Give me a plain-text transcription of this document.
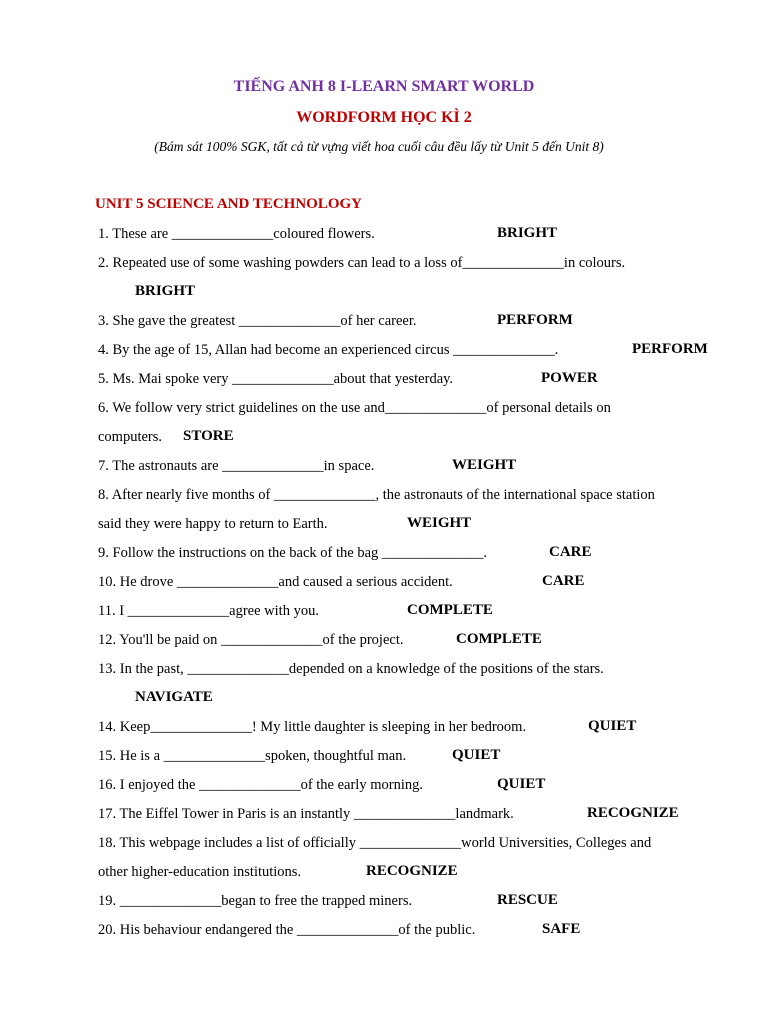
TIẾNG ANH 8 I-LEARN SMART WORLD
WORDFORM HỌC KÌ 2
(Bám sát 100% SGK, tất cả từ vựng viết hoa cuối câu đều lấy từ Unit 5 đến Unit 8)
UNIT 5 SCIENCE AND TECHNOLOGY
1. These are ______________coloured flowers.	BRIGHT
2. Repeated use of some washing powders can lead to a loss of______________in colours.
BRIGHT
3. She gave the greatest ______________of her career.	PERFORM
4. By the age of 15, Allan had become an experienced circus ______________.	PERFORM
5. Ms. Mai spoke very ______________about that yesterday.	POWER
6. We follow very strict guidelines on the use and______________of personal details on
computers. STORE
7. The astronauts are ______________in space.	WEIGHT
8. After nearly five months of ______________, the astronauts of the international space station
said they were happy to return to Earth.	WEIGHT
9. Follow the instructions on the back of the bag ______________.	CARE
10. He drove ______________and caused a serious accident.	CARE
11. I ______________agree with you.	COMPLETE
12. You'll be paid on ______________of the project.	COMPLETE
13. In the past, ______________depended on a knowledge of the positions of the stars.
NAVIGATE
14. Keep______________! My little daughter is sleeping in her bedroom.	QUIET
15. He is a ______________spoken, thoughtful man.	QUIET
16. I enjoyed the ______________of the early morning.	QUIET
17. The Eiffel Tower in Paris is an instantly ______________landmark.	RECOGNIZE
18. This webpage includes a list of officially ______________world Universities, Colleges and
other higher-education institutions.	RECOGNIZE
19. ______________began to free the trapped miners.	RESCUE
20. His behaviour endangered the ______________of the public.	SAFE
